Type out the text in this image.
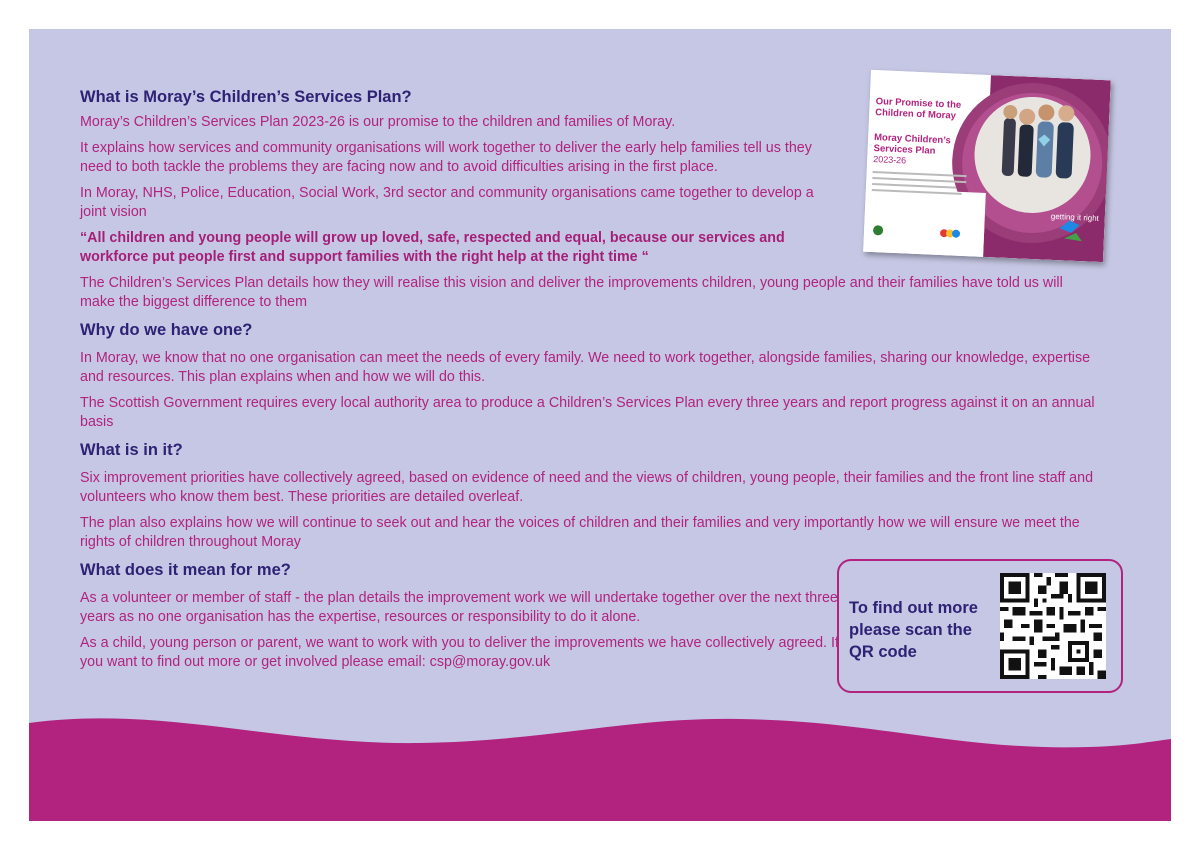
Our Promise to the Children of Moray
Moray Children’s Services Plan
2023-26
getting it right
What is Moray’s Children’s Services Plan?

Moray’s Children’s Services Plan 2023-26 is our promise to the children and families of Moray.

It explains how services and community organisations will work together to deliver the early help families tell us they need to both tackle the problems they are facing now and to avoid difficulties arising in the first place.

In Moray, NHS, Police, Education, Social Work, 3rd sector and community organisations came together to develop a joint vision

“All children and young people will grow up loved, safe, respected and equal, because our services and workforce put people first and support families with the right help at the right time “

The Children’s Services Plan details how they will realise this vision and deliver the improvements children, young people and their families have told us will make the biggest difference to them

Why do we have one?

In Moray, we know that no one organisation can meet the needs of every family. We need to work together, alongside families, sharing our knowledge, expertise and resources. This plan explains when and how we will do this.

The Scottish Government requires every local authority area to produce a Children’s Services Plan every three years and report progress against it on an annual basis

What is in it?

Six improvement priorities have collectively agreed, based on evidence of need and the views of children, young people, their families and the front line staff and volunteers who know them best. These priorities are detailed overleaf.

The plan also explains how we will continue to seek out and hear the voices of children and their families and very importantly how we will ensure we meet the rights of children throughout Moray

What does it mean for me?

As a volunteer or member of staff - the plan details the improvement work we will undertake together over the next three years as no one organisation has the expertise, resources or responsibility to do it alone.

As a child, young person or parent, we want to work with you to deliver the improvements we have collectively agreed. If you want to find out more or get involved please email: csp@moray.gov.uk

To find out more please scan the QR code
